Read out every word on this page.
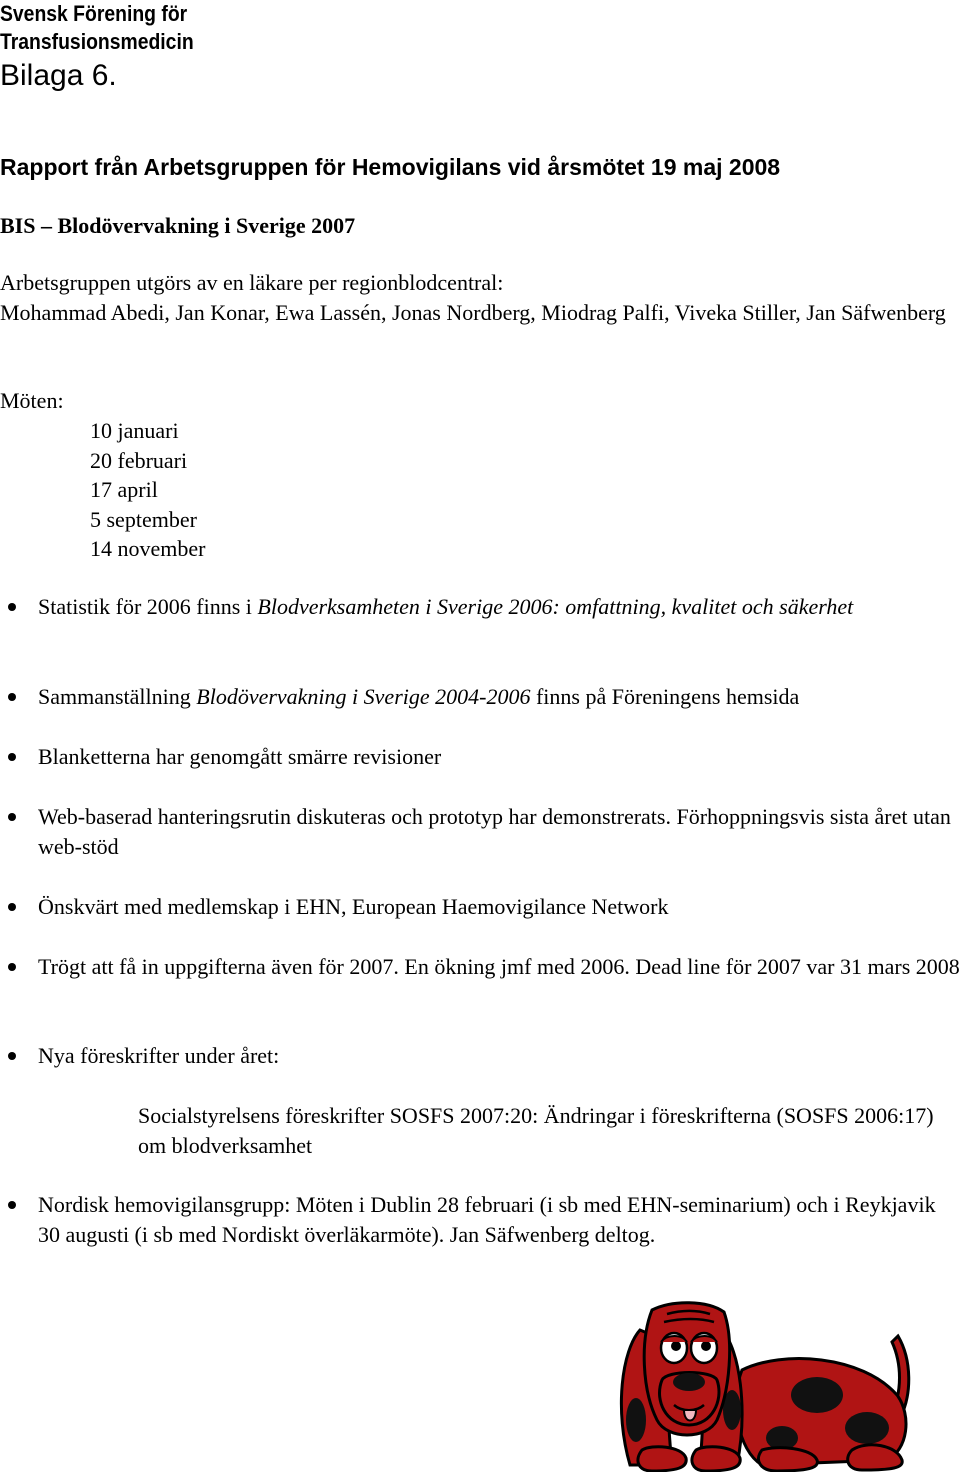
Svensk Förening för
Transfusionsmedicin
Bilaga 6.
Rapport från Arbetsgruppen för Hemovigilans vid årsmötet 19 maj 2008
BIS – Blodövervakning i Sverige 2007
Arbetsgruppen utgörs av en läkare per regionblodcentral:
Mohammad Abedi, Jan Konar, Ewa Lassén, Jonas Nordberg, Miodrag Palfi, Viveka Stiller, Jan Säfwenberg
Möten:
10 januari
20 februari
17 april
5 september
14 november
Statistik för 2006 finns i Blodverksamheten i Sverige 2006: omfattning, kvalitet och säkerhet
Sammanställning Blodövervakning i Sverige 2004-2006 finns på Föreningens hemsida
Blanketterna har genomgått smärre revisioner
Web-baserad hanteringsrutin diskuteras och prototyp har demonstrerats. Förhoppningsvis sista året utan web-stöd
Önskvärt med medlemskap i EHN, European Haemovigilance Network
Trögt att få in uppgifterna även för 2007. En ökning jmf med 2006. Dead line för 2007 var 31 mars 2008
Nya föreskrifter under året:
Socialstyrelsens föreskrifter SOSFS 2007:20: Ändringar i föreskrifterna (SOSFS 2006:17) om blodverksamhet
Nordisk hemovigilansgrupp: Möten i Dublin 28 februari (i sb med EHN-seminarium) och i Reykjavik 30 augusti (i sb med Nordiskt överläkarmöte). Jan Säfwenberg deltog.
